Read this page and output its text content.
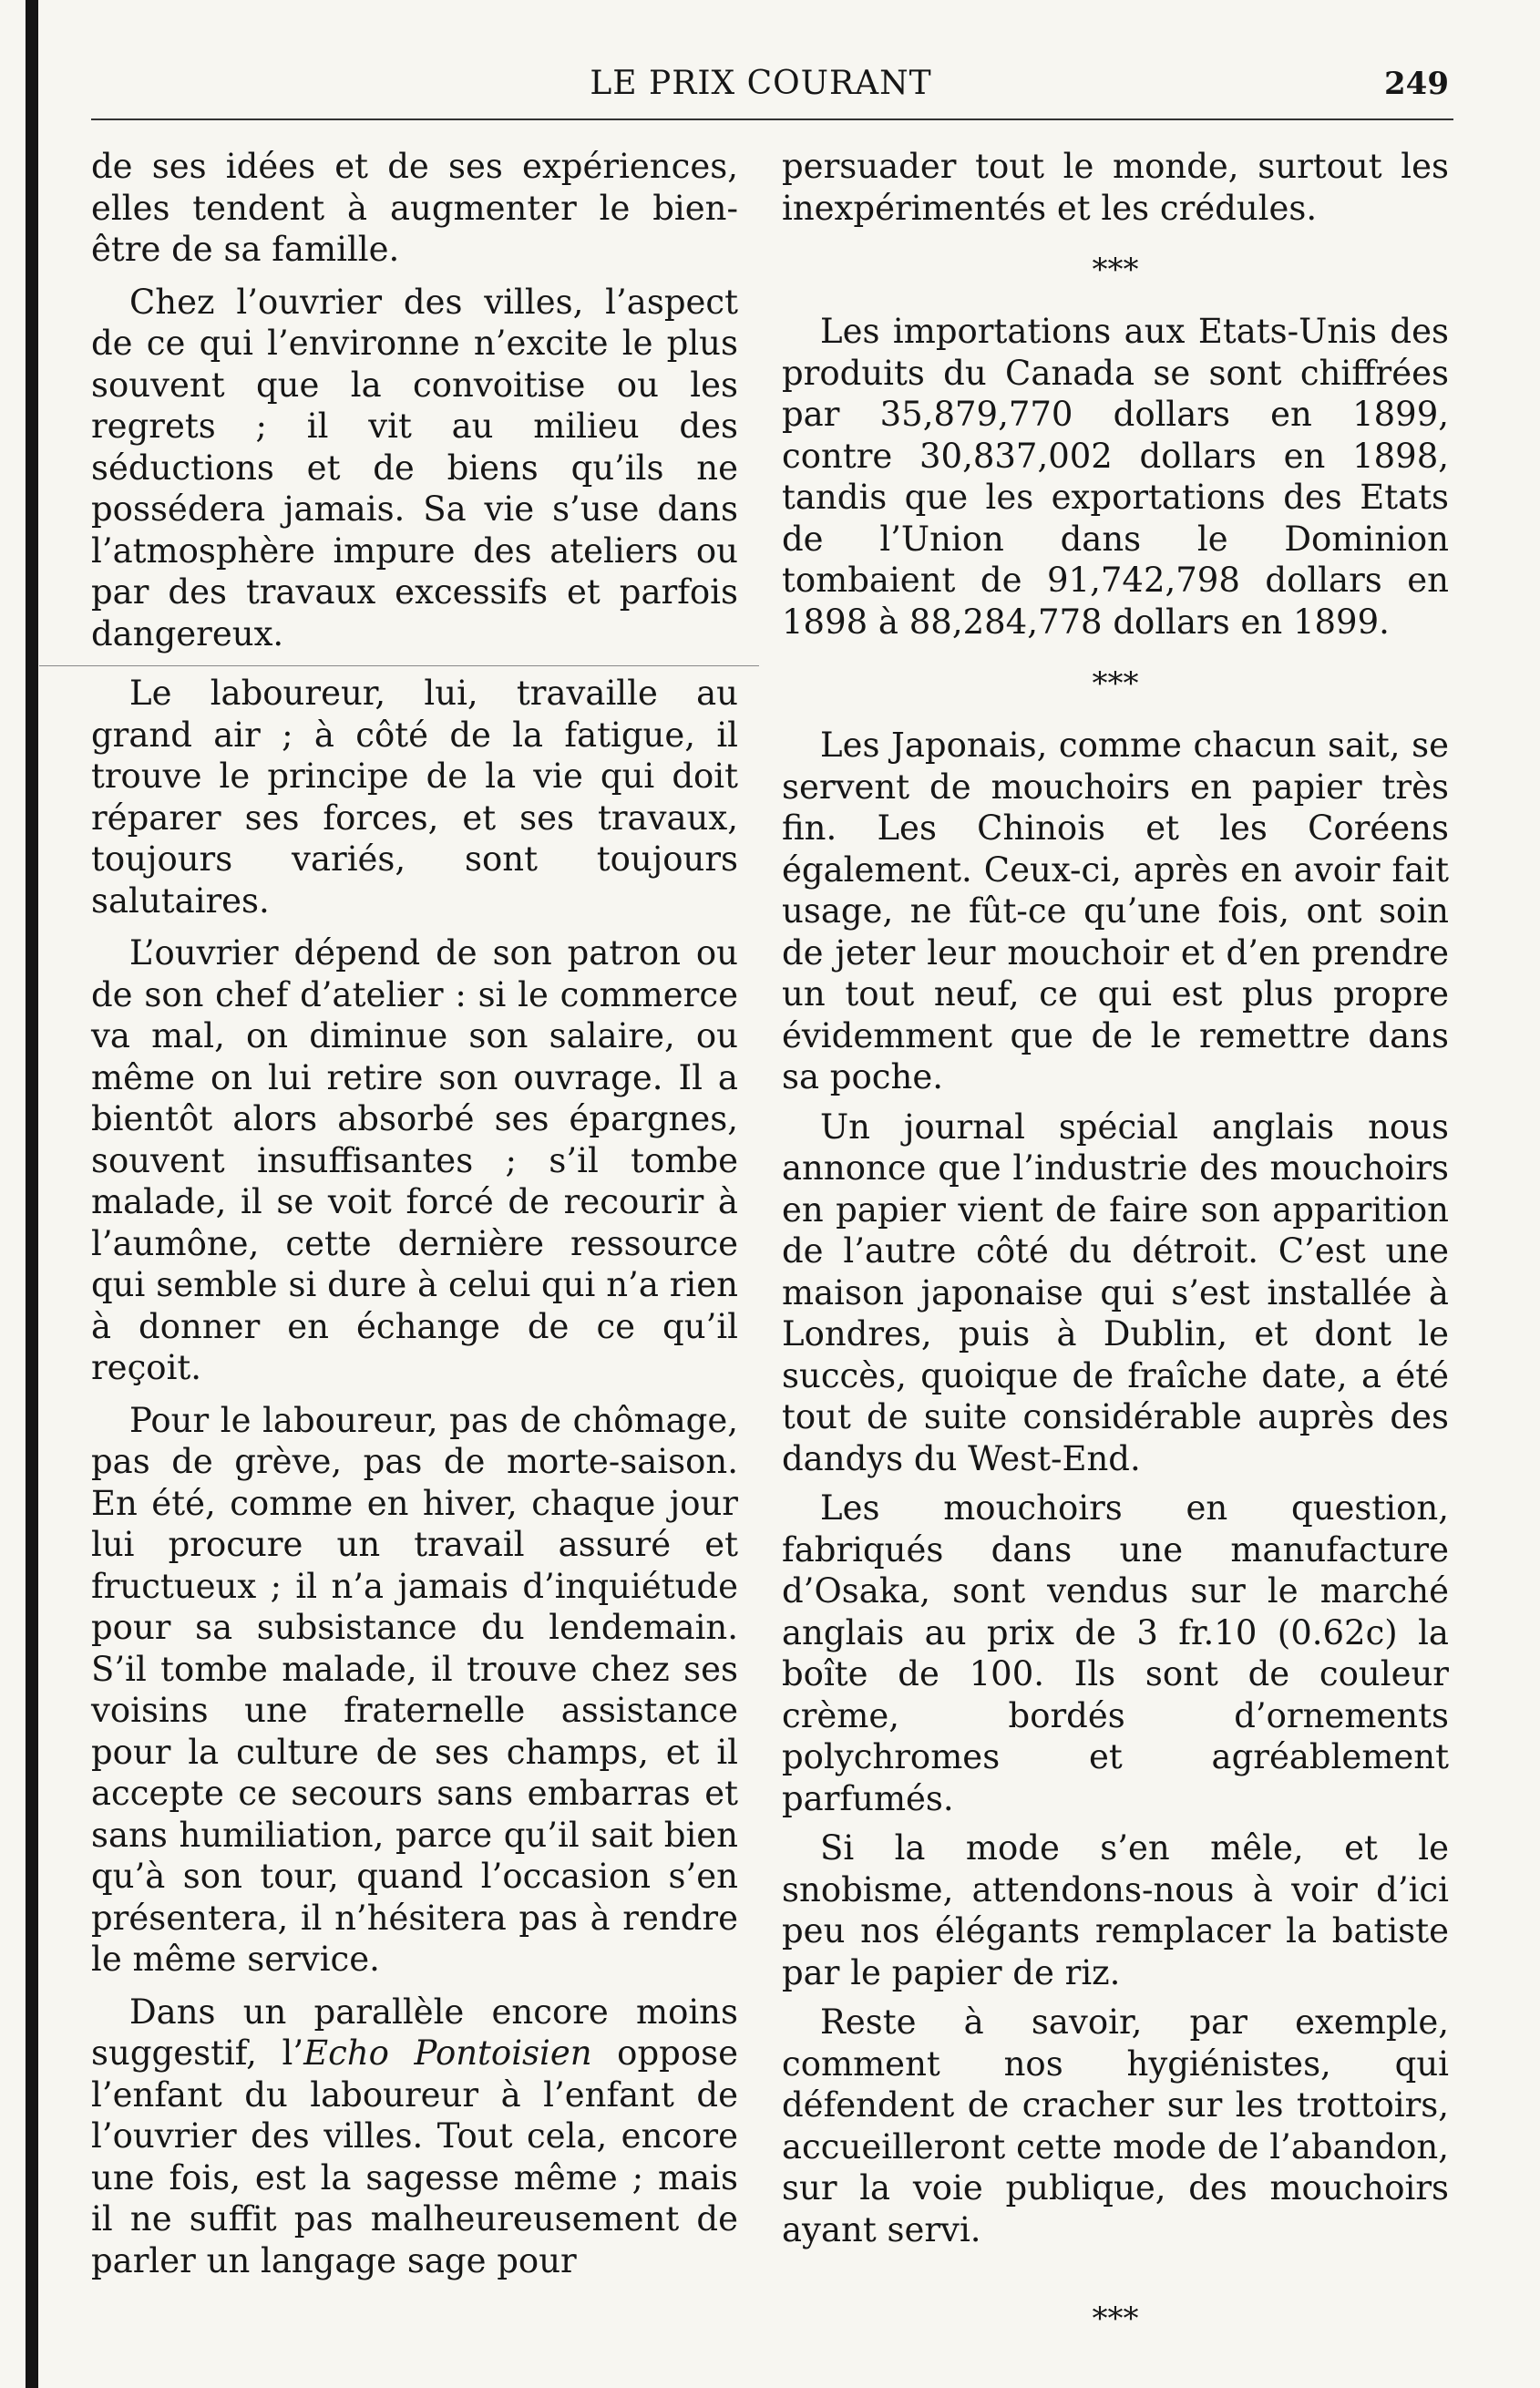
LE PRIX COURANT	249

de ses idées et de ses expériences, elles tendent à augmenter le bien-être de sa famille.

Chez l’ouvrier des villes, l’aspect de ce qui l’environne n’excite le plus souvent que la convoitise ou les regrets ; il vit au milieu des séductions et de biens qu’ils ne possédera jamais. Sa vie s’use dans l’atmosphère impure des ateliers ou par des travaux excessifs et parfois dangereux.

Le laboureur, lui, travaille au grand air ; à côté de la fatigue, il trouve le principe de la vie qui doit réparer ses forces, et ses travaux, toujours variés, sont toujours salutaires.

L’ouvrier dépend de son patron ou de son chef d’atelier : si le commerce va mal, on diminue son salaire, ou même on lui retire son ouvrage. Il a bientôt alors absorbé ses épargnes, souvent insuffisantes ; s’il tombe malade, il se voit forcé de recourir à l’aumône, cette dernière ressource qui semble si dure à celui qui n’a rien à donner en échange de ce qu’il reçoit.

Pour le laboureur, pas de chômage, pas de grève, pas de morte-saison. En été, comme en hiver, chaque jour lui procure un travail assuré et fructueux ; il n’a jamais d’inquiétude pour sa subsistance du lendemain. S’il tombe malade, il trouve chez ses voisins une fraternelle assistance pour la culture de ses champs, et il accepte ce secours sans embarras et sans humiliation, parce qu’il sait bien qu’à son tour, quand l’occasion s’en présentera, il n’hésitera pas à rendre le même service.

Dans un parallèle encore moins suggestif, l’Echo Pontoisien oppose l’enfant du laboureur à l’enfant de l’ouvrier des villes. Tout cela, encore une fois, est la sagesse même ; mais il ne suffit pas malheureusement de parler un langage sage pour

persuader tout le monde, surtout les inexpérimentés et les crédules.

***

Les importations aux Etats-Unis des produits du Canada se sont chiffrées par 35,879,770 dollars en 1899, contre 30,837,002 dollars en 1898, tandis que les exportations des Etats de l’Union dans le Dominion tombaient de 91,742,798 dollars en 1898 à 88,284,778 dollars en 1899.

***

Les Japonais, comme chacun sait, se servent de mouchoirs en papier très fin. Les Chinois et les Coréens également. Ceux-ci, après en avoir fait usage, ne fût-ce qu’une fois, ont soin de jeter leur mouchoir et d’en prendre un tout neuf, ce qui est plus propre évidemment que de le remettre dans sa poche.

Un journal spécial anglais nous annonce que l’industrie des mouchoirs en papier vient de faire son apparition de l’autre côté du détroit. C’est une maison japonaise qui s’est installée à Londres, puis à Dublin, et dont le succès, quoique de fraîche date, a été tout de suite considérable auprès des dandys du West-End.

Les mouchoirs en question, fabriqués dans une manufacture d’Osaka, sont vendus sur le marché anglais au prix de 3 fr.10 (0.62c) la boîte de 100. Ils sont de couleur crème, bordés d’ornements polychromes et agréablement parfumés.

Si la mode s’en mêle, et le snobisme, attendons-nous à voir d’ici peu nos élégants remplacer la batiste par le papier de riz.

Reste à savoir, par exemple, comment nos hygiénistes, qui défendent de cracher sur les trottoirs, accueilleront cette mode de l’abandon, sur la voie publique, des mouchoirs ayant servi.

***
